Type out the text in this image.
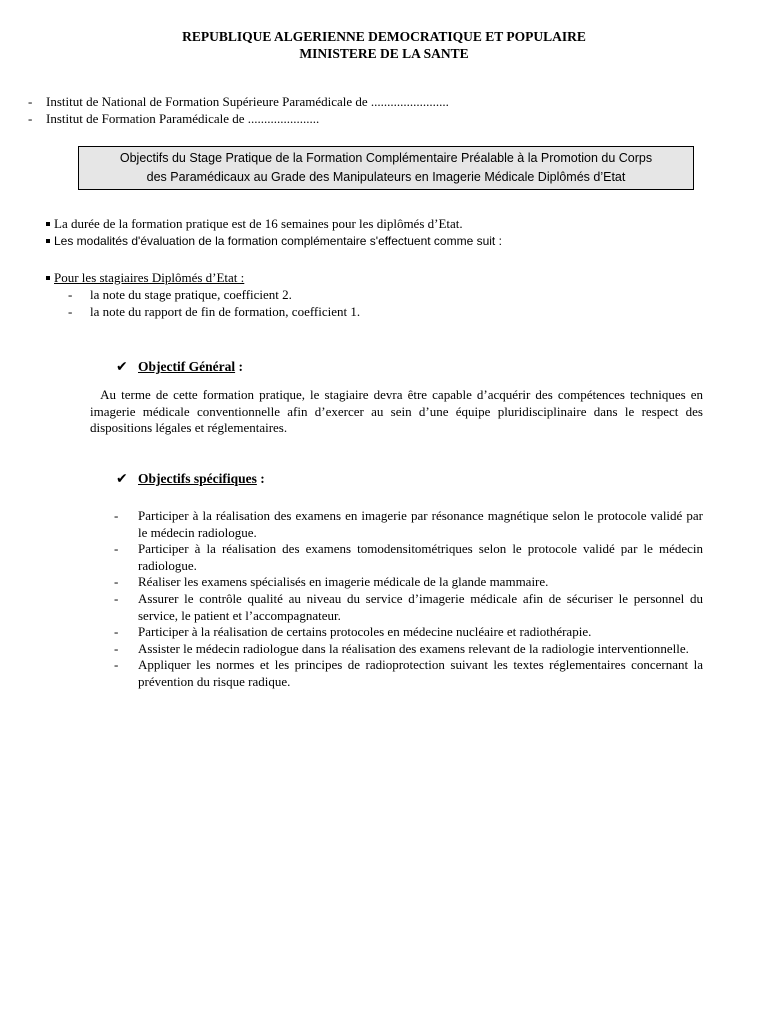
REPUBLIQUE ALGERIENNE DEMOCRATIQUE ET POPULAIRE
MINISTERE DE LA SANTE
-	Institut de National de Formation Supérieure Paramédicale de ........................
-	Institut de Formation Paramédicale de ......................
Objectifs du Stage Pratique de la Formation Complémentaire Préalable à la Promotion du Corps
des Paramédicaux au Grade des Manipulateurs en Imagerie Médicale Diplômés d’Etat
La durée de la formation pratique est de 16 semaines pour les diplômés d’Etat.
Les modalités d'évaluation de la formation complémentaire s'effectuent comme suit :
Pour les stagiaires Diplômés d’Etat :
-	la note du stage pratique, coefficient 2.
-	la note du rapport de fin de formation, coefficient 1.
✔ Objectif Général :
Au terme de cette formation pratique, le stagiaire devra être capable d’acquérir des compétences techniques en imagerie médicale conventionnelle afin d’exercer au sein d’une équipe pluridisciplinaire dans le respect des dispositions légales et réglementaires.
✔ Objectifs spécifiques :
-	Participer à la réalisation des examens en imagerie par résonance magnétique selon le protocole validé par le médecin radiologue.
-	Participer à la réalisation des examens tomodensitométriques selon le protocole validé par le médecin radiologue.
-	Réaliser les examens spécialisés en imagerie médicale de la glande mammaire.
-	Assurer le contrôle qualité au niveau du service d’imagerie médicale afin de sécuriser le personnel du service, le patient et l’accompagnateur.
-	Participer à la réalisation de certains protocoles en médecine nucléaire et radiothérapie.
-	Assister le médecin radiologue dans la réalisation des examens relevant de la radiologie interventionnelle.
-	Appliquer les normes et les principes de radioprotection suivant les textes réglementaires concernant la prévention du risque radique.
